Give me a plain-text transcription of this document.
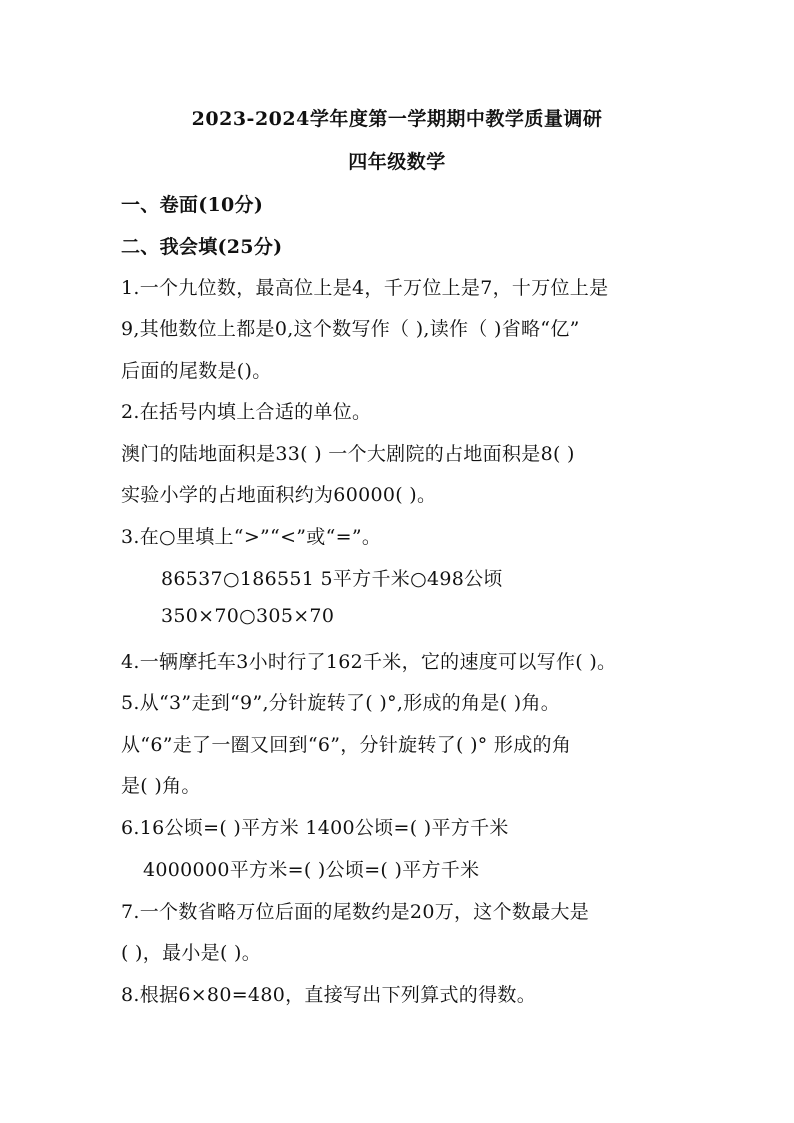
2023-2024学年度第一学期期中教学质量调研
四年级数学
一、卷面(10分)
二、我会填(25分)
1.一个九位数，最高位上是4，千万位上是7，十万位上是
9,其他数位上都是0,这个数写作（ ),读作（ )省略“亿”
后面的尾数是()。
2.在括号内填上合适的单位。
澳门的陆地面积是33( ) 一个大剧院的占地面积是8( )
实验小学的占地面积约为60000( )。
3.在○里填上“>”“<”或“=”。
86537○186551 5平方千米○498公顷
350×70○305×70
4.一辆摩托车3小时行了162千米，它的速度可以写作( )。
5.从“3”走到“9”,分针旋转了( )°,形成的角是( )角。
从“6”走了一圈又回到“6”，分针旋转了( )° 形成的角
是( )角。
6.16公顷=( )平方米 1400公顷=( )平方千米
4000000平方米=( )公顷=( )平方千米
7.一个数省略万位后面的尾数约是20万，这个数最大是
( )，最小是( )。
8.根据6×80=480，直接写出下列算式的得数。
